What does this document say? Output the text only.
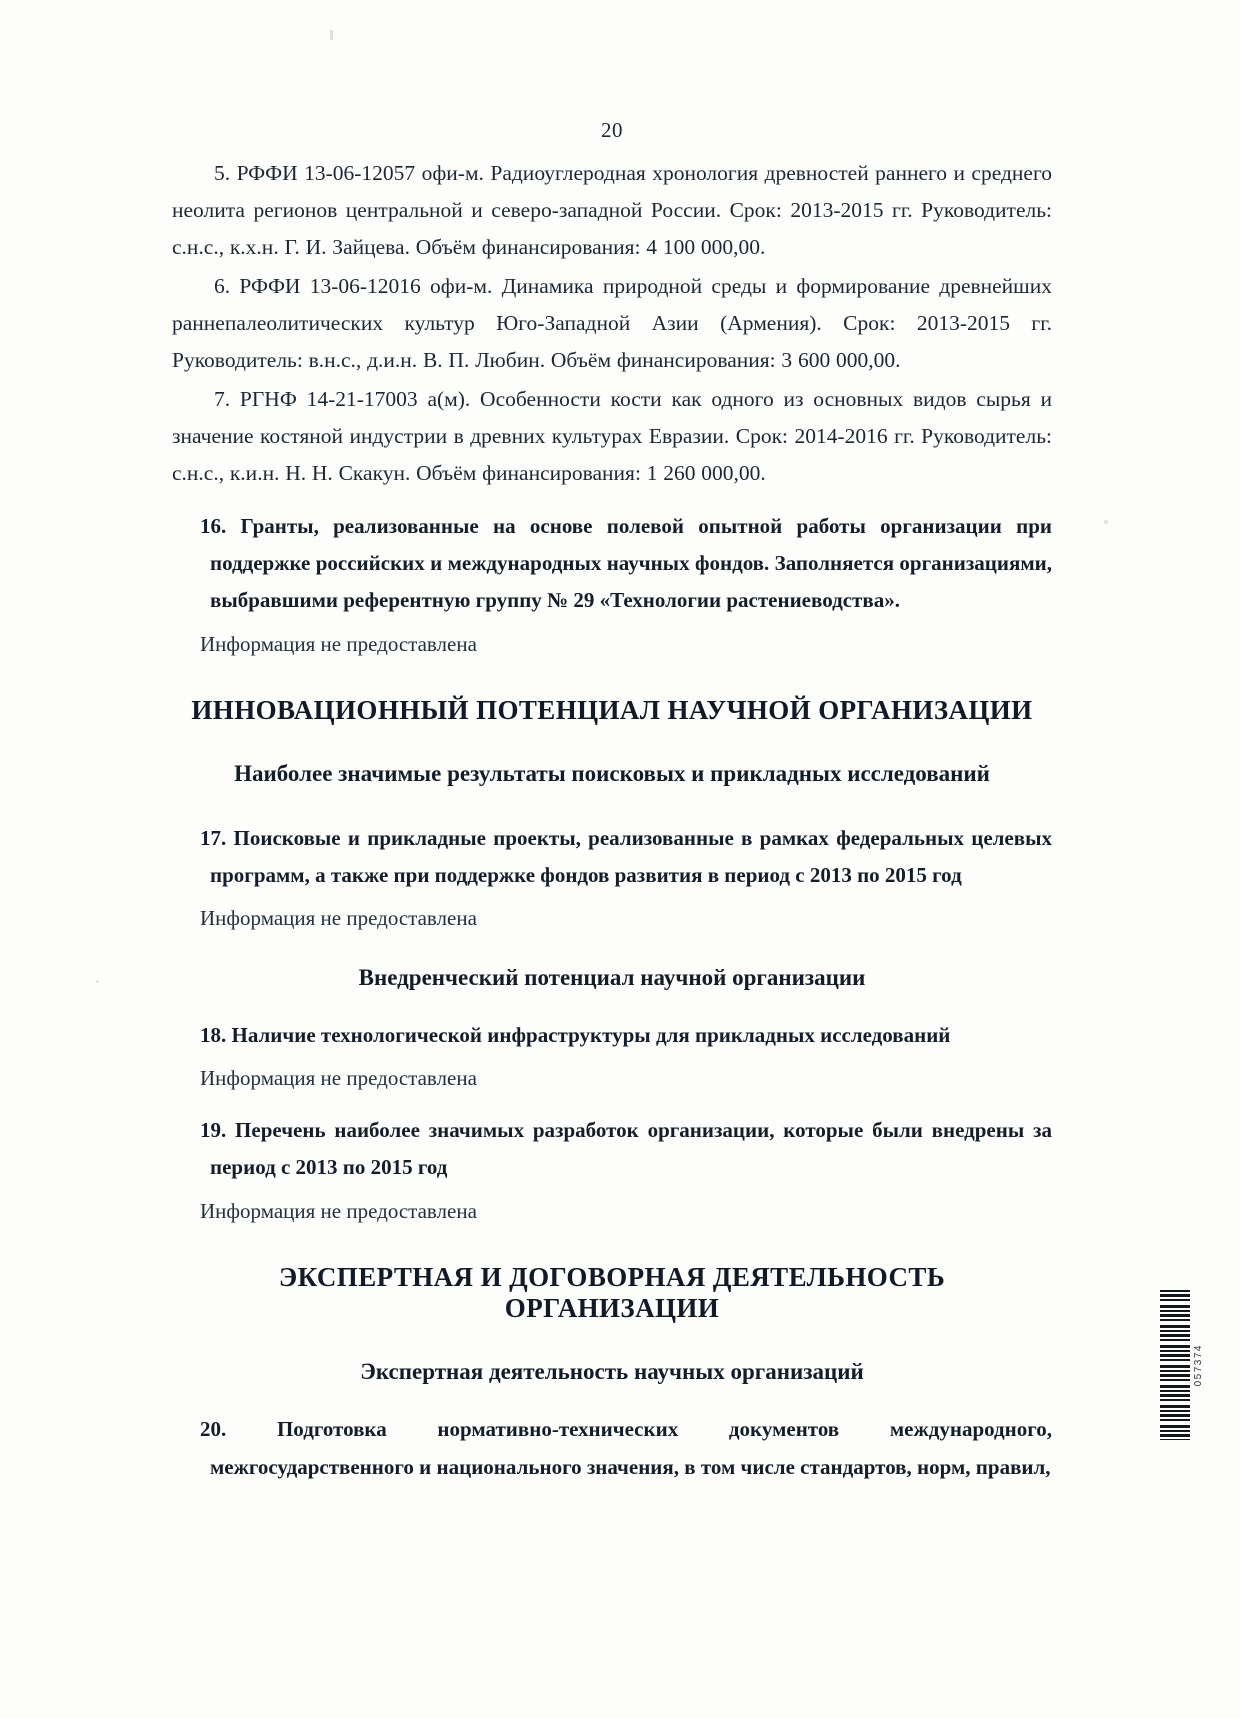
20

5. РФФИ 13-06-12057 офи-м. Радиоуглеродная хронология древностей раннего и среднего неолита регионов центральной и северо-западной России. Срок: 2013-2015 гг. Руководитель: с.н.с., к.х.н. Г. И. Зайцева. Объём финансирования: 4 100 000,00.

6. РФФИ 13-06-12016 офи-м. Динамика природной среды и формирование древнейших раннепалеолитических культур Юго-Западной Азии (Армения). Срок: 2013-2015 гг. Руководитель: в.н.с., д.и.н. В. П. Любин. Объём финансирования: 3 600 000,00.

7. РГНФ 14-21-17003 а(м). Особенности кости как одного из основных видов сырья и значение костяной индустрии в древних культурах Евразии. Срок: 2014-2016 гг. Руководитель: с.н.с., к.и.н. Н. Н. Скакун. Объём финансирования: 1 260 000,00.

16. Гранты, реализованные на основе полевой опытной работы организации при поддержке российских и международных научных фондов. Заполняется организациями, выбравшими референтную группу № 29 «Технологии растениеводства».
Информация не предоставлена
ИННОВАЦИОННЫЙ ПОТЕНЦИАЛ НАУЧНОЙ ОРГАНИЗАЦИИ
Наиболее значимые результаты поисковых и прикладных исследований
17. Поисковые и прикладные проекты, реализованные в рамках федеральных целевых программ, а также при поддержке фондов развития в период с 2013 по 2015 год
Информация не предоставлена
Внедренческий потенциал научной организации
18. Наличие технологической инфраструктуры для прикладных исследований
Информация не предоставлена
19. Перечень наиболее значимых разработок организации, которые были внедрены за период с 2013 по 2015 год
Информация не предоставлена
ЭКСПЕРТНАЯ И ДОГОВОРНАЯ ДЕЯТЕЛЬНОСТЬ ОРГАНИЗАЦИИ
Экспертная деятельность научных организаций
20. Подготовка нормативно-технических документов международного, межгосударственного и национального значения, в том числе стандартов, норм, правил,
057374
